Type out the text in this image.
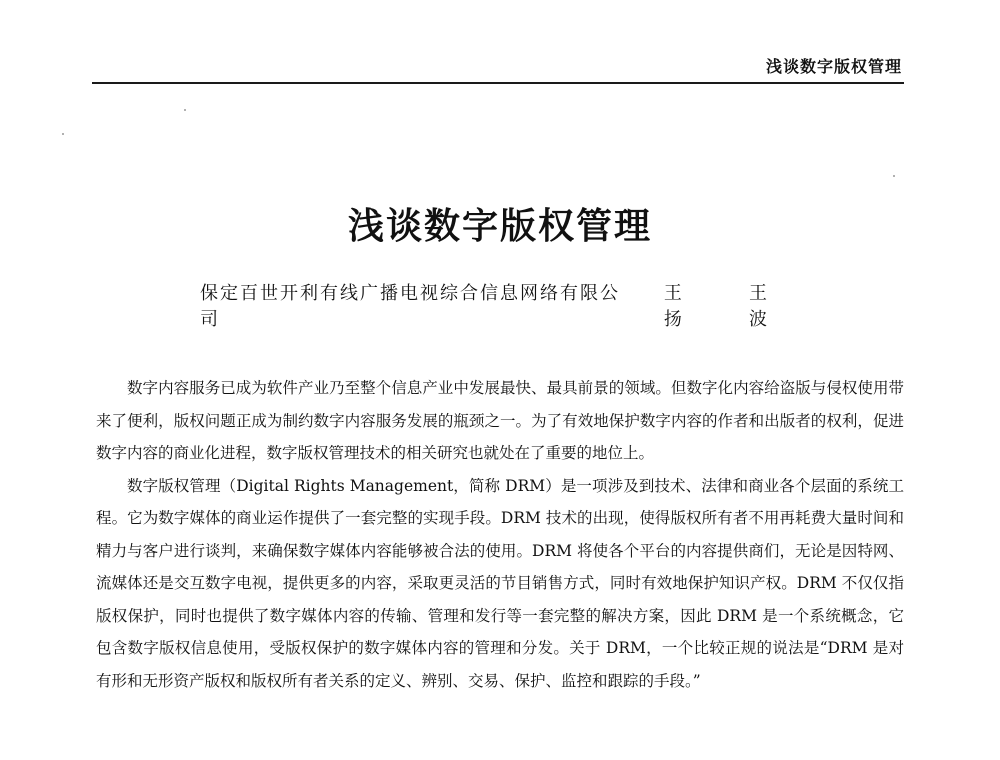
浅谈数字版权管理
浅谈数字版权管理
保定百世开利有线广播电视综合信息网络有限公司
王 扬
王 波

数字内容服务已成为软件产业乃至整个信息产业中发展最快、最具前景的领域。但数字化内容给盗版与侵权使用带来了便利，版权问题正成为制约数字内容服务发展的瓶颈之一。为了有效地保护数字内容的作者和出版者的权利，促进数字内容的商业化进程，数字版权管理技术的相关研究也就处在了重要的地位上。

数字版权管理（Digital Rights Management，简称 DRM）是一项涉及到技术、法律和商业各个层面的系统工程。它为数字媒体的商业运作提供了一套完整的实现手段。DRM 技术的出现，使得版权所有者不用再耗费大量时间和精力与客户进行谈判，来确保数字媒体内容能够被合法的使用。DRM 将使各个平台的内容提供商们，无论是因特网、流媒体还是交互数字电视，提供更多的内容，采取更灵活的节目销售方式，同时有效地保护知识产权。DRM 不仅仅指版权保护，同时也提供了数字媒体内容的传输、管理和发行等一套完整的解决方案，因此 DRM 是一个系统概念，它包含数字版权信息使用，受版权保护的数字媒体内容的管理和分发。关于 DRM，一个比较正规的说法是“DRM 是对有形和无形资产版权和版权所有者关系的定义、辨别、交易、保护、监控和跟踪的手段。”
